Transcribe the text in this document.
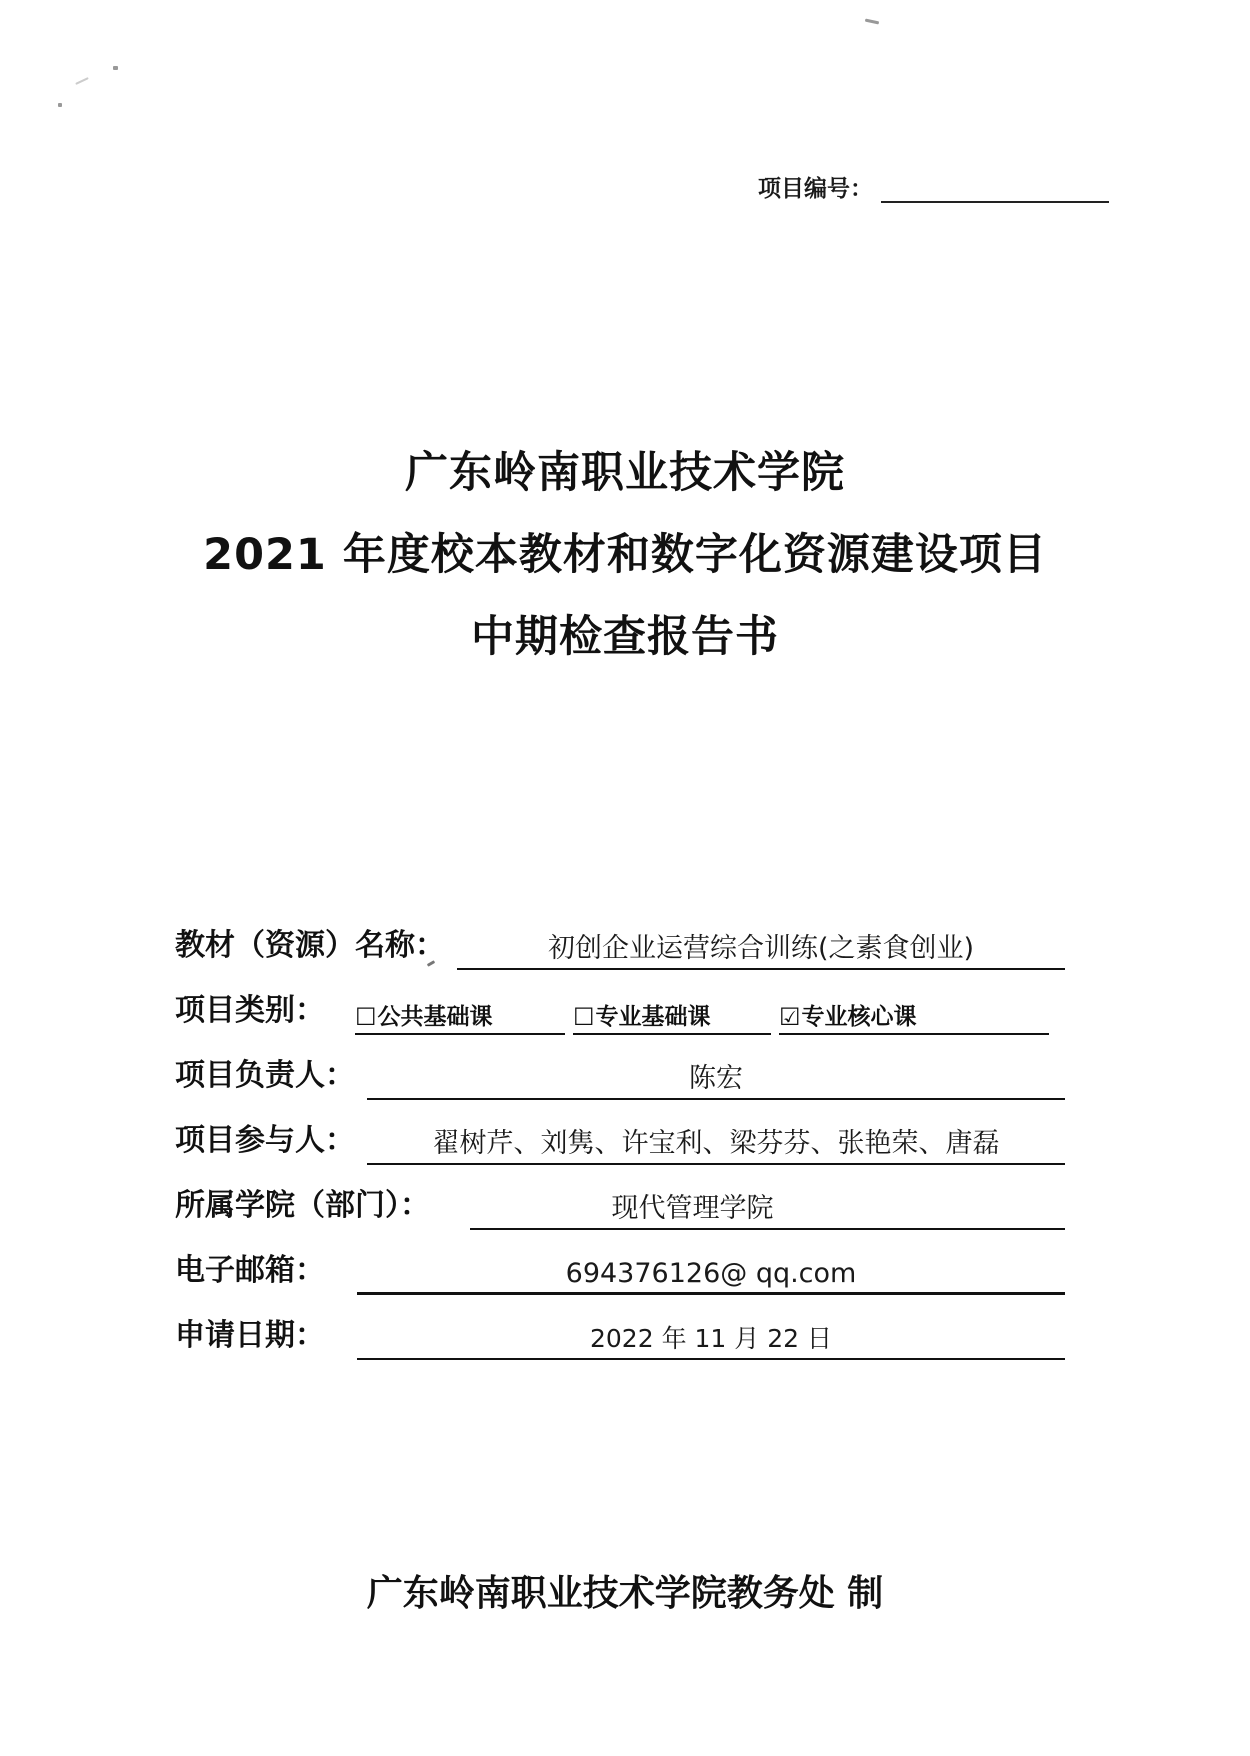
项目编号：
广东岭南职业技术学院
2021 年度校本教材和数字化资源建设项目
中期检查报告书
教材（资源）名称：	初创企业运营综合训练(之素食创业)
项目类别： ☐ 公共基础课	☐ 专业基础课	☑ 专业核心课
项目负责人：	陈宏
项目参与人：	翟树芹、刘隽、许宝利、梁芬芬、张艳荣、唐磊
所属学院（部门）：	现代管理学院
电子邮箱：	694376126@ qq.com
申请日期：	2022 年 11 月 22 日
广东岭南职业技术学院教务处 制
